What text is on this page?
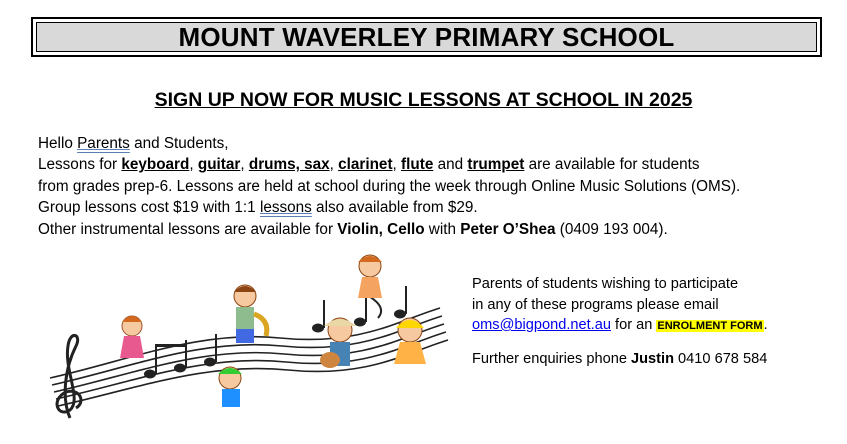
MOUNT WAVERLEY PRIMARY SCHOOL
SIGN UP NOW FOR MUSIC LESSONS AT SCHOOL IN 2025
Hello Parents and Students,
Lessons for keyboard, guitar, drums, sax, clarinet, flute and trumpet are available for students
from grades prep-6. Lessons are held at school during the week through Online Music Solutions (OMS).
Group lessons cost $19 with 1:1 lessons also available from $29.
Other instrumental lessons are available for Violin, Cello with Peter O’Shea (0409 193 004).
Parents of students wishing to participate
in any of these programs please email
oms@bigpond.net.au for an ENROLMENT FORM.
Further enquiries phone Justin 0410 678 584
